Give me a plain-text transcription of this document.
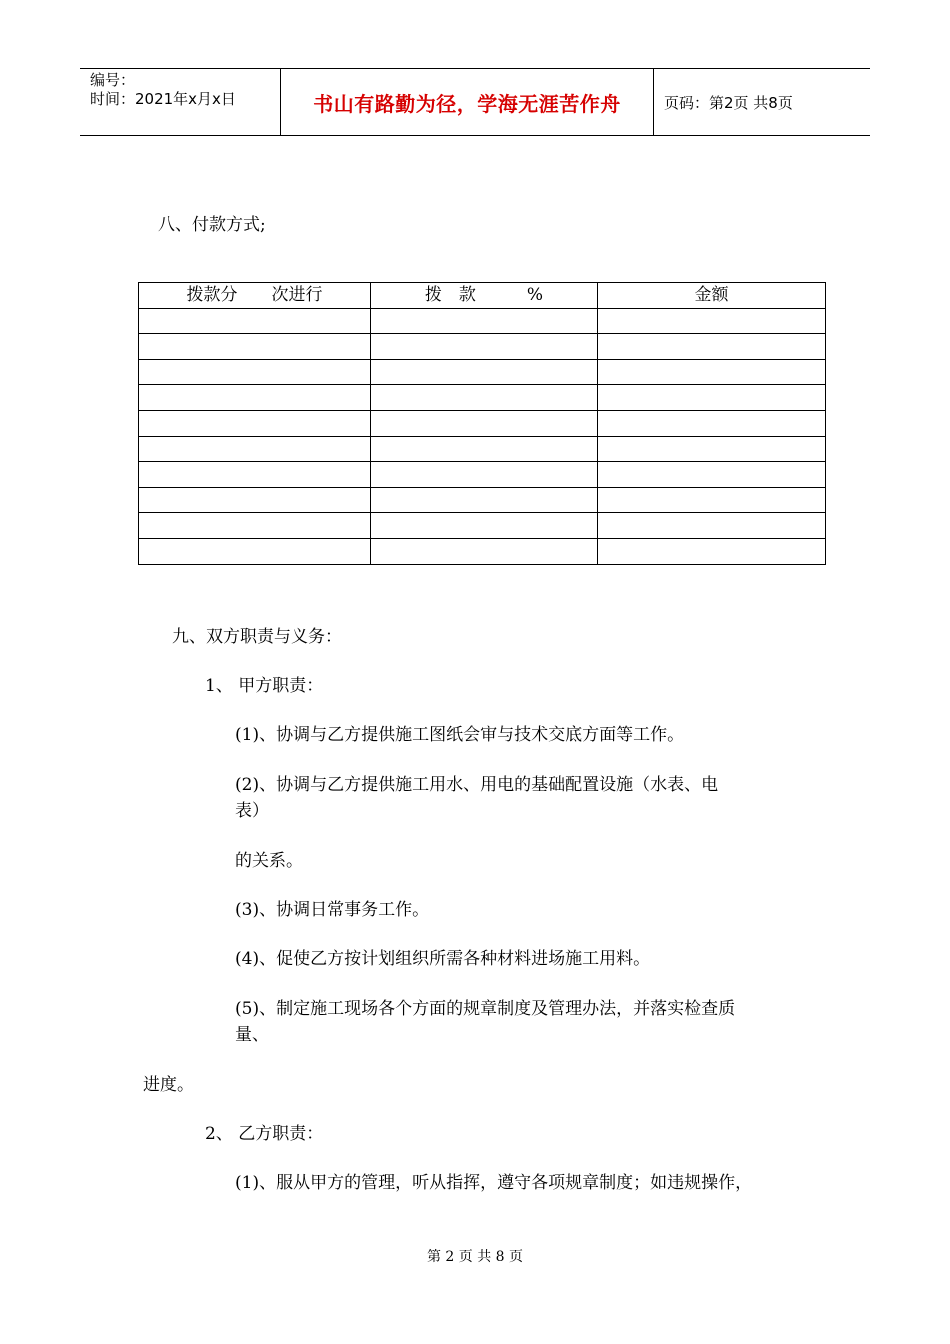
编号：
时间：2021年x月x日	书山有路勤为径，学海无涯苦作舟	页码：第2页 共8页
八、付款方式;
拨款分　　次进行	拨　款　　　%	金额

九、双方职责与义务：
1、 甲方职责：
(1)、协调与乙方提供施工图纸会审与技术交底方面等工作。
(2)、协调与乙方提供施工用水、用电的基础配置设施（水表、电
表）
的关系。
(3)、协调日常事务工作。
(4)、促使乙方按计划组织所需各种材料进场施工用料。
(5)、制定施工现场各个方面的规章制度及管理办法，并落实检查质
量、
进度。
2、 乙方职责：
(1)、服从甲方的管理，听从指挥，遵守各项规章制度；如违规操作，
第 2 页 共 8 页
